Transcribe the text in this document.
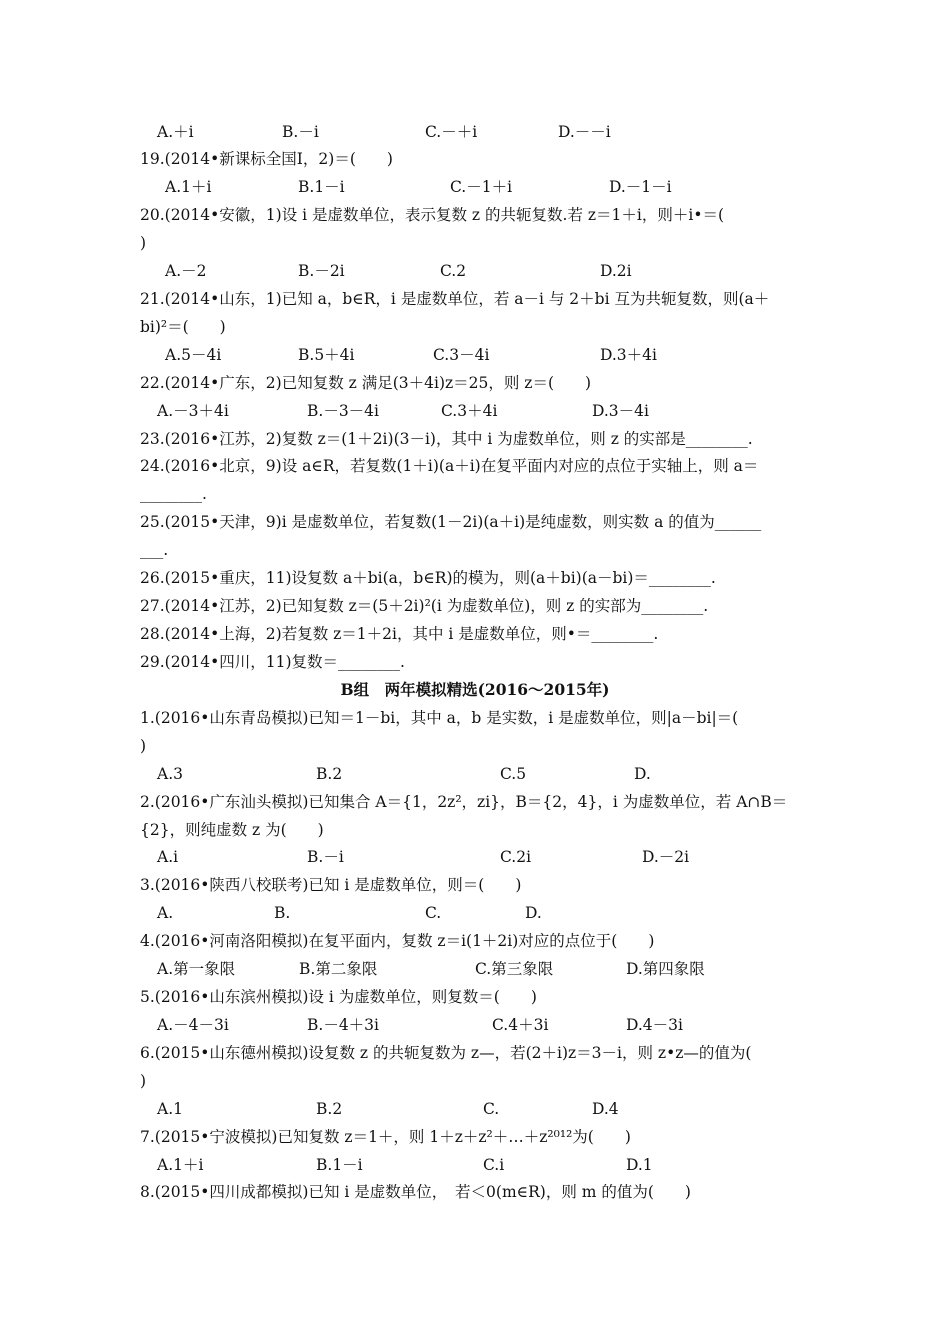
A.＋i	B.－i	C.－＋i	D.－－i
19.(2014•新课标全国Ⅰ，2)＝(　　)
A.1＋i	B.1－i	C.－1＋i	D.－1－i
20.(2014•安徽，1)设 i 是虚数单位，表示复数 z 的共轭复数.若 z＝1＋i，则＋i•＝(
)
A.－2	B.－2i	C.2	D.2i
21.(2014•山东，1)已知 a，b∈R，i 是虚数单位，若 a－i 与 2＋bi 互为共轭复数，则(a＋
bi)²＝(　　)
A.5－4i	B.5＋4i	C.3－4i	D.3＋4i
22.(2014•广东，2)已知复数 z 满足(3＋4i)z＝25，则 z＝(　　)
A.－3＋4i	B.－3－4i	C.3＋4i	D.3－4i
23.(2016•江苏，2)复数 z＝(1＋2i)(3－i)，其中 i 为虚数单位，则 z 的实部是________.
24.(2016•北京，9)设 a∈R，若复数(1＋i)(a＋i)在复平面内对应的点位于实轴上，则 a＝
________.
25.(2015•天津，9)i 是虚数单位，若复数(1－2i)(a＋i)是纯虚数，则实数 a 的值为______
___.
26.(2015•重庆，11)设复数 a＋bi(a，b∈R)的模为，则(a＋bi)(a－bi)＝________.
27.(2014•江苏，2)已知复数 z＝(5＋2i)²(i 为虚数单位)，则 z 的实部为________.
28.(2014•上海，2)若复数 z＝1＋2i，其中 i 是虚数单位，则•＝________.
29.(2014•四川，11)复数＝________.
1.(2016•山东青岛模拟)已知＝1－bi，其中 a，b 是实数，i 是虚数单位，则|a－bi|＝(
)
A.3	B.2	C.5	D.
2.(2016•广东汕头模拟)已知集合 A＝{1，2z²，zi}，B＝{2，4}，i 为虚数单位，若 A∩B＝
{2}，则纯虚数 z 为(　　)
A.i	B.－i	C.2i	D.－2i
3.(2016•陕西八校联考)已知 i 是虚数单位，则＝(　　)
A.	B.	C.	D.
4.(2016•河南洛阳模拟)在复平面内，复数 z＝i(1＋2i)对应的点位于(　　)
A.第一象限	B.第二象限	C.第三象限	D.第四象限
5.(2016•山东滨州模拟)设 i 为虚数单位，则复数＝(　　)
A.－4－3i	B.－4＋3i	C.4＋3i	D.4－3i
6.(2015•山东德州模拟)设复数 z 的共轭复数为 z—，若(2＋i)z＝3－i，则 z•z—的值为(
)
A.1	B.2	C.	D.4
7.(2015•宁波模拟)已知复数 z＝1＋，则 1＋z＋z²＋…＋z²⁰¹²为(　　)
A.1＋i	B.1－i	C.i	D.1
8.(2015•四川成都模拟)已知 i 是虚数单位，　若＜0(m∈R)，则 m 的值为(　　)
B组　两年模拟精选(2016～2015年)
